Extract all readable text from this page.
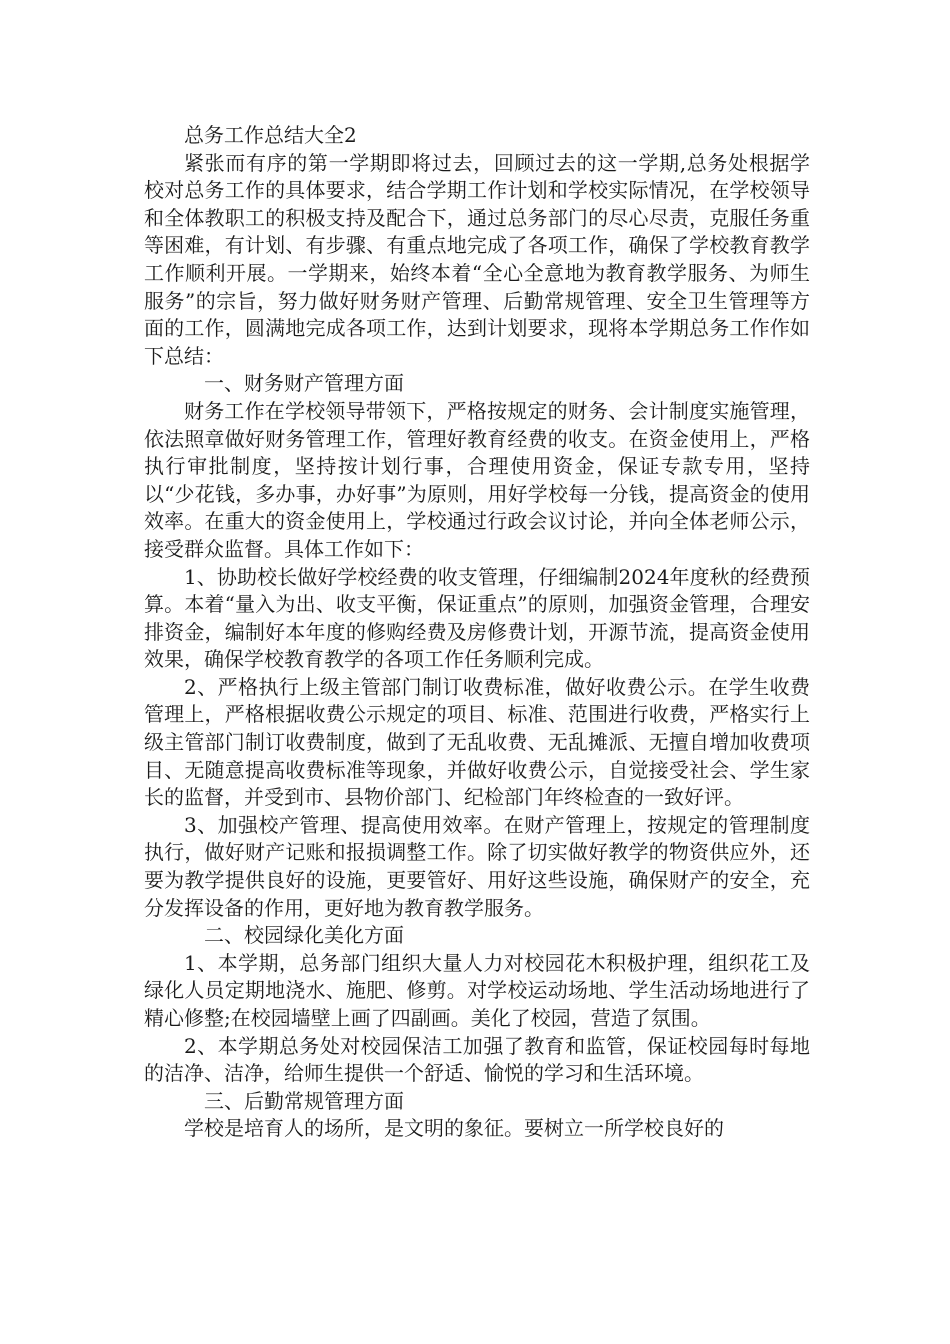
总务工作总结大全2

紧张而有序的第一学期即将过去，回顾过去的这一学期,总务处根据学校对总务工作的具体要求，结合学期工作计划和学校实际情况，在学校领导和全体教职工的积极支持及配合下，通过总务部门的尽心尽责，克服任务重等困难，有计划、有步骤、有重点地完成了各项工作，确保了学校教育教学工作顺利开展。一学期来，始终本着“全心全意地为教育教学服务、为师生服务”的宗旨，努力做好财务财产管理、后勤常规管理、安全卫生管理等方面的工作，圆满地完成各项工作，达到计划要求，现将本学期总务工作作如下总结：

一、财务财产管理方面

财务工作在学校领导带领下，严格按规定的财务、会计制度实施管理，依法照章做好财务管理工作，管理好教育经费的收支。在资金使用上，严格执行审批制度，坚持按计划行事，合理使用资金，保证专款专用，坚持以“少花钱，多办事，办好事”为原则，用好学校每一分钱，提高资金的使用效率。在重大的资金使用上，学校通过行政会议讨论，并向全体老师公示，接受群众监督。具体工作如下：

1、协助校长做好学校经费的收支管理，仔细编制2024年度秋的经费预算。本着“量入为出、收支平衡，保证重点”的原则，加强资金管理，合理安排资金，编制好本年度的修购经费及房修费计划，开源节流，提高资金使用效果，确保学校教育教学的各项工作任务顺利完成。

2、严格执行上级主管部门制订收费标准，做好收费公示。在学生收费管理上，严格根据收费公示规定的项目、标准、范围进行收费，严格实行上级主管部门制订收费制度，做到了无乱收费、无乱摊派、无擅自增加收费项目、无随意提高收费标准等现象，并做好收费公示，自觉接受社会、学生家长的监督，并受到市、县物价部门、纪检部门年终检查的一致好评。

3、加强校产管理、提高使用效率。在财产管理上，按规定的管理制度执行，做好财产记账和报损调整工作。除了切实做好教学的物资供应外，还要为教学提供良好的设施，更要管好、用好这些设施，确保财产的安全，充分发挥设备的作用，更好地为教育教学服务。

二、校园绿化美化方面

1、本学期，总务部门组织大量人力对校园花木积极护理，组织花工及绿化人员定期地浇水、施肥、修剪。对学校运动场地、学生活动场地进行了精心修整;在校园墙壁上画了四副画。美化了校园，营造了氛围。

2、本学期总务处对校园保洁工加强了教育和监管，保证校园每时每地的洁净、洁净，给师生提供一个舒适、愉悦的学习和生活环境。

三、后勤常规管理方面

学校是培育人的场所，是文明的象征。要树立一所学校良好的
